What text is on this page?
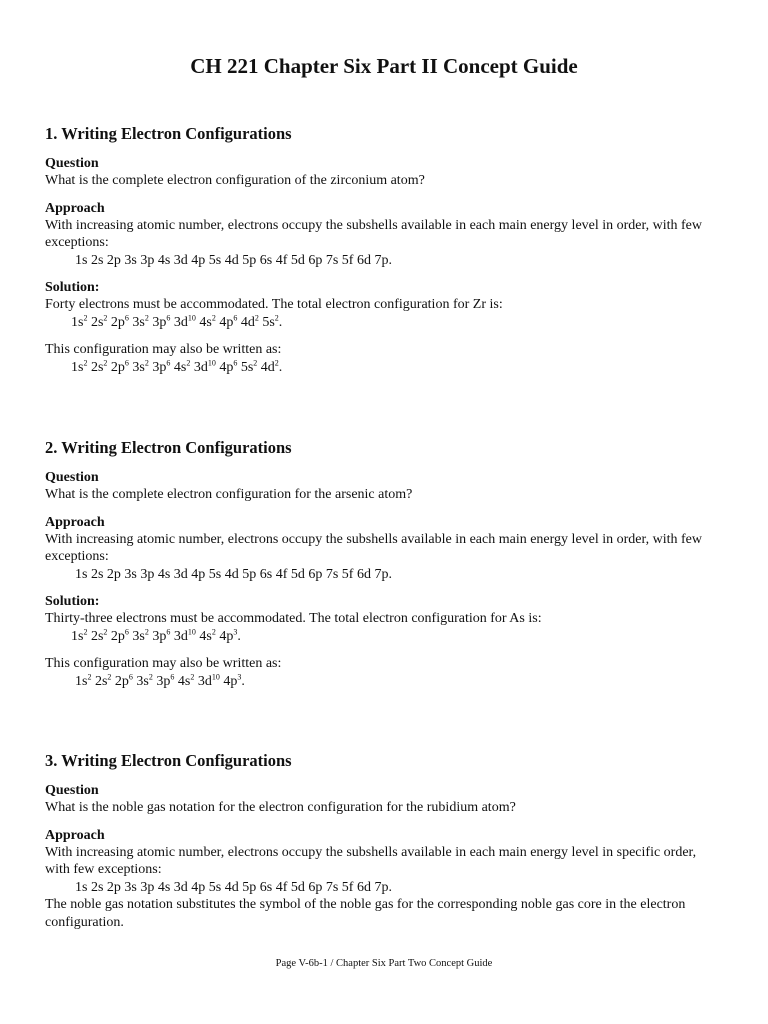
CH 221 Chapter Six Part II Concept Guide
1. Writing Electron Configurations
Question
What is the complete electron configuration of the zirconium atom?
Approach
With increasing atomic number, electrons occupy the subshells available in each main energy level in order, with few exceptions:
1s 2s 2p 3s 3p 4s 3d 4p 5s 4d 5p 6s 4f 5d 6p 7s 5f 6d 7p.
Solution:
Forty electrons must be accommodated. The total electron configuration for Zr is:
$1s^2$ $2s^2$ $2p^6$ $3s^2$ $3p^6$ $3d^{10}$ $4s^2$ $4p^6$ $4d^2$ $5s^2$.
This configuration may also be written as:
$1s^2$ $2s^2$ $2p^6$ $3s^2$ $3p^6$ $4s^2$ $3d^{10}$ $4p^6$ $5s^2$ $4d^2$.
2. Writing Electron Configurations
Question
What is the complete electron configuration for the arsenic atom?
Approach
With increasing atomic number, electrons occupy the subshells available in each main energy level in order, with few exceptions:
1s 2s 2p 3s 3p 4s 3d 4p 5s 4d 5p 6s 4f 5d 6p 7s 5f 6d 7p.
Solution:
Thirty-three electrons must be accommodated. The total electron configuration for As is:
$1s^2$ $2s^2$ $2p^6$ $3s^2$ $3p^6$ $3d^{10}$ $4s^2$ $4p^3$.
This configuration may also be written as:
$1s^2$ $2s^2$ $2p^6$ $3s^2$ $3p^6$ $4s^2$ $3d^{10}$ $4p^3$.
3. Writing Electron Configurations
Question
What is the noble gas notation for the electron configuration for the rubidium atom?
Approach
With increasing atomic number, electrons occupy the subshells available in each main energy level in specific order, with few exceptions:
1s 2s 2p 3s 3p 4s 3d 4p 5s 4d 5p 6s 4f 5d 6p 7s 5f 6d 7p.
The noble gas notation substitutes the symbol of the noble gas for the corresponding noble gas core in the electron configuration.
Page V-6b-1 / Chapter Six Part Two Concept Guide
